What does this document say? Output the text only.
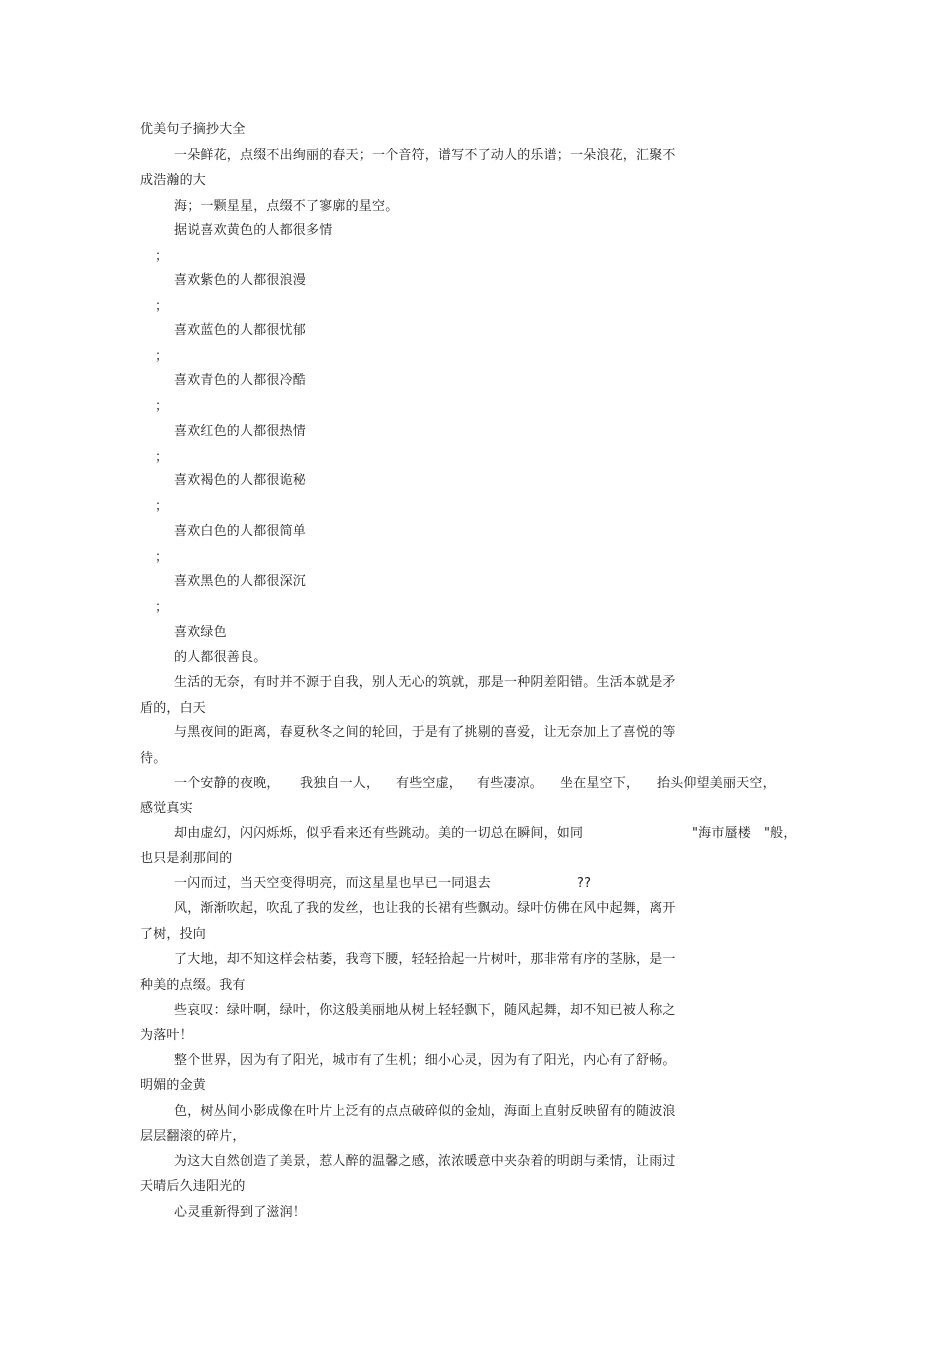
优美句子摘抄大全
一朵鲜花，点缀不出绚丽的春天；一个音符，谱写不了动人的乐谱；一朵浪花，汇聚不
成浩瀚的大
海；一颗星星，点缀不了寥廓的星空。
据说喜欢黄色的人都很多情
；
喜欢紫色的人都很浪漫
；
喜欢蓝色的人都很忧郁
；
喜欢青色的人都很冷酷
；
喜欢红色的人都很热情
；
喜欢褐色的人都很诡秘
；
喜欢白色的人都很简单
；
喜欢黑色的人都很深沉
；
喜欢绿色
的人都很善良。
生活的无奈，有时并不源于自我，别人无心的筑就，那是一种阴差阳错。生活本就是矛
盾的，白天
与黑夜间的距离，春夏秋冬之间的轮回，于是有了挑剔的喜爱，让无奈加上了喜悦的等
待。
一个安静的夜晚， 我独自一人， 有些空虚， 有些凄凉。 坐在星空下， 抬头仰望美丽天空，
感觉真实
却由虚幻，闪闪烁烁，似乎看来还有些跳动。美的一切总在瞬间，如同	"海市蜃楼 "般，
也只是刹那间的
一闪而过，当天空变得明亮，而这星星也早已一同退去	??
风，渐渐吹起，吹乱了我的发丝，也让我的长裙有些飘动。绿叶仿佛在风中起舞，离开
了树，投向
了大地，却不知这样会枯萎，我弯下腰，轻轻拾起一片树叶，那非常有序的茎脉，是一
种美的点缀。我有
些哀叹：绿叶啊，绿叶，你这般美丽地从树上轻轻飘下，随风起舞，却不知已被人称之
为落叶！
整个世界，因为有了阳光，城市有了生机；细小心灵，因为有了阳光，内心有了舒畅。
明媚的金黄
色，树丛间小影成像在叶片上泛有的点点破碎似的金灿，海面上直射反映留有的随波浪
层层翻滚的碎片，
为这大自然创造了美景，惹人醉的温馨之感，浓浓暖意中夹杂着的明朗与柔情，让雨过
天晴后久违阳光的
心灵重新得到了滋润！
